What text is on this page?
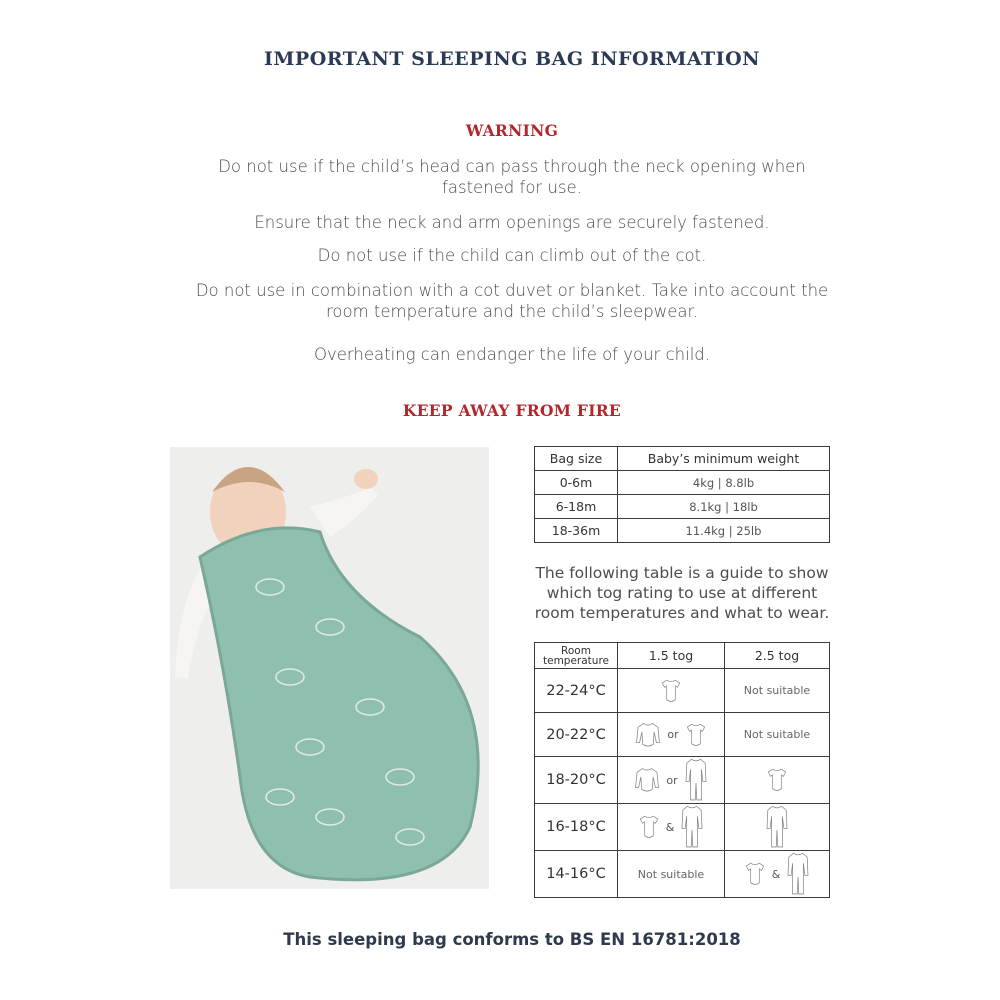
IMPORTANT SLEEPING BAG INFORMATION
WARNING
Do not use if the child’s head can pass through the neck opening when fastened for use.
Ensure that the neck and arm openings are securely fastened.
Do not use if the child can climb out of the cot.
Do not use in combination with a cot duvet or blanket. Take into account the room temperature and the child’s sleepwear.
Overheating can endanger the life of your child.
KEEP AWAY FROM FIRE
Bag size	Baby’s minimum weight
0-6m	4kg | 8.8lb
6-18m	8.1kg | 18lb
18-36m	11.4kg | 25lb
The following table is a guide to show which tog rating to use at different room temperatures and what to wear.
Room temperature	1.5 tog	2.5 tog
22-24°C		Not suitable
20-22°C	or	Not suitable
18-20°C	or

16-18°C	&

14-16°C	Not suitable	&
This sleeping bag conforms to BS EN 16781:2018
